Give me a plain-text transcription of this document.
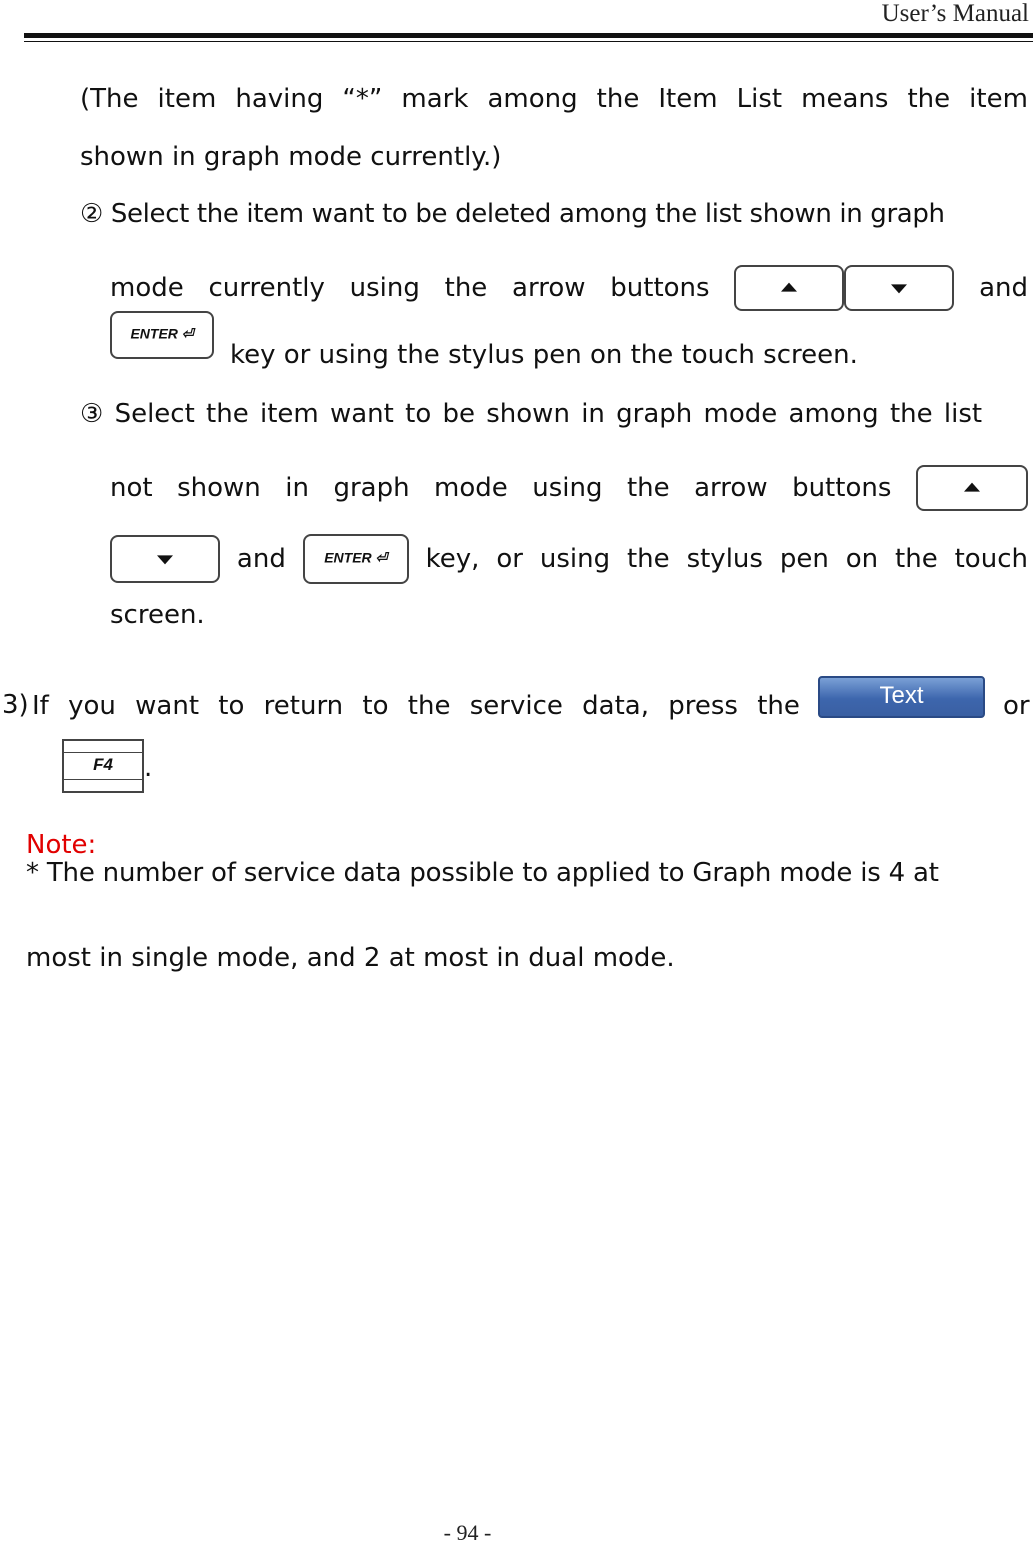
User’s Manual
(The item having “*” mark among the Item List means the item
shown in graph mode currently.)
② Select the item want to be deleted among the list shown in graph
mode currently using the arrow buttons	and
ENTER ⏎
key or using the stylus pen on the touch screen.
③ Select the item want to be shown in graph mode among the list
not shown in graph mode using the arrow buttons
and	ENTER ⏎	key, or using the stylus pen on the touch
screen.
3) If you want to return to the service data, press the	Text	or
F4	.
Note:
* The number of service data possible to applied to Graph mode is 4 at
most in single mode, and 2 at most in dual mode.
- 94 -
